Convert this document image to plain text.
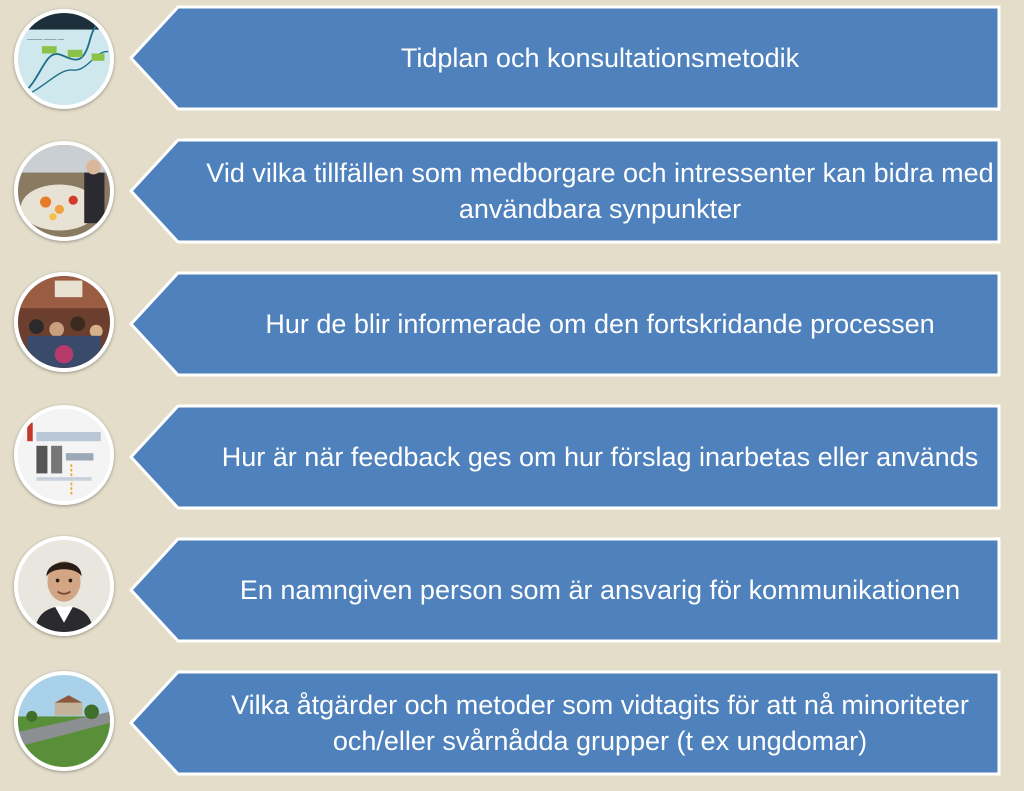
_____ ____ __
Tidplan och konsultationsmetodik
Vid vilka tillfällen som medborgare och intressenter kan bidra med användbara synpunkter
Hur de blir informerade om den fortskridande processen
Hur är när feedback ges om hur förslag inarbetas eller används
En namngiven person som är ansvarig för kommunikationen
Vilka åtgärder och metoder som vidtagits för att nå minoriteter och/eller svårnådda grupper (t ex ungdomar)
